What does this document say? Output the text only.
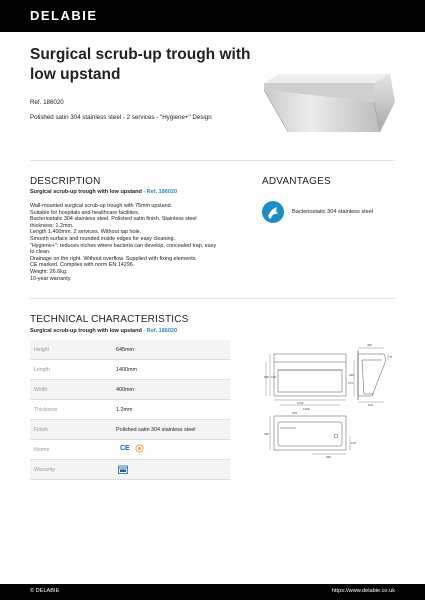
DELABIE
Surgical scrub-up trough with
low upstand
Ref. 186020
Polished satin 304 stainless steel - 2 services - "Hygiene+" Design
DESCRIPTION
Surgical scrub-up trough with low upstand - Ref. 186020
Wall-mounted surgical scrub-up trough with 75mm upstand.
Suitable for hospitals and healthcare facilities.
Bacteriostatic 304 stainless steel. Polished satin finish. Stainless steel
thickness: 1.2mm.
Length 1,400mm. 2 services. Without tap hole.
Smooth surface and rounded inside edges for easy cleaning.
"Hygiene+": reduces niches where bacteria can develop, concealed trap, easy
to clean.
Drainage on the right. Without overflow. Supplied with fixing elements.
CE marked. Complies with norm EN 14296.
Weight: 26.6kg.
10-year warranty.
ADVANTAGES
Bacteriostatic 304 stainless steel
TECHNICAL CHARACTERISTICS
Surgical scrub-up trough with low upstand - Ref. 186020
Height	645mm
Length	1400mm
Width	400mm
Thickness	1.2mm
Finish	Polished satin 304 stainless steel
Norms	CE
Warranty
1130
1400
645 130
400
75
220
170
100
440
135
260
325
© DELABIE	https://www.delabie.co.uk
